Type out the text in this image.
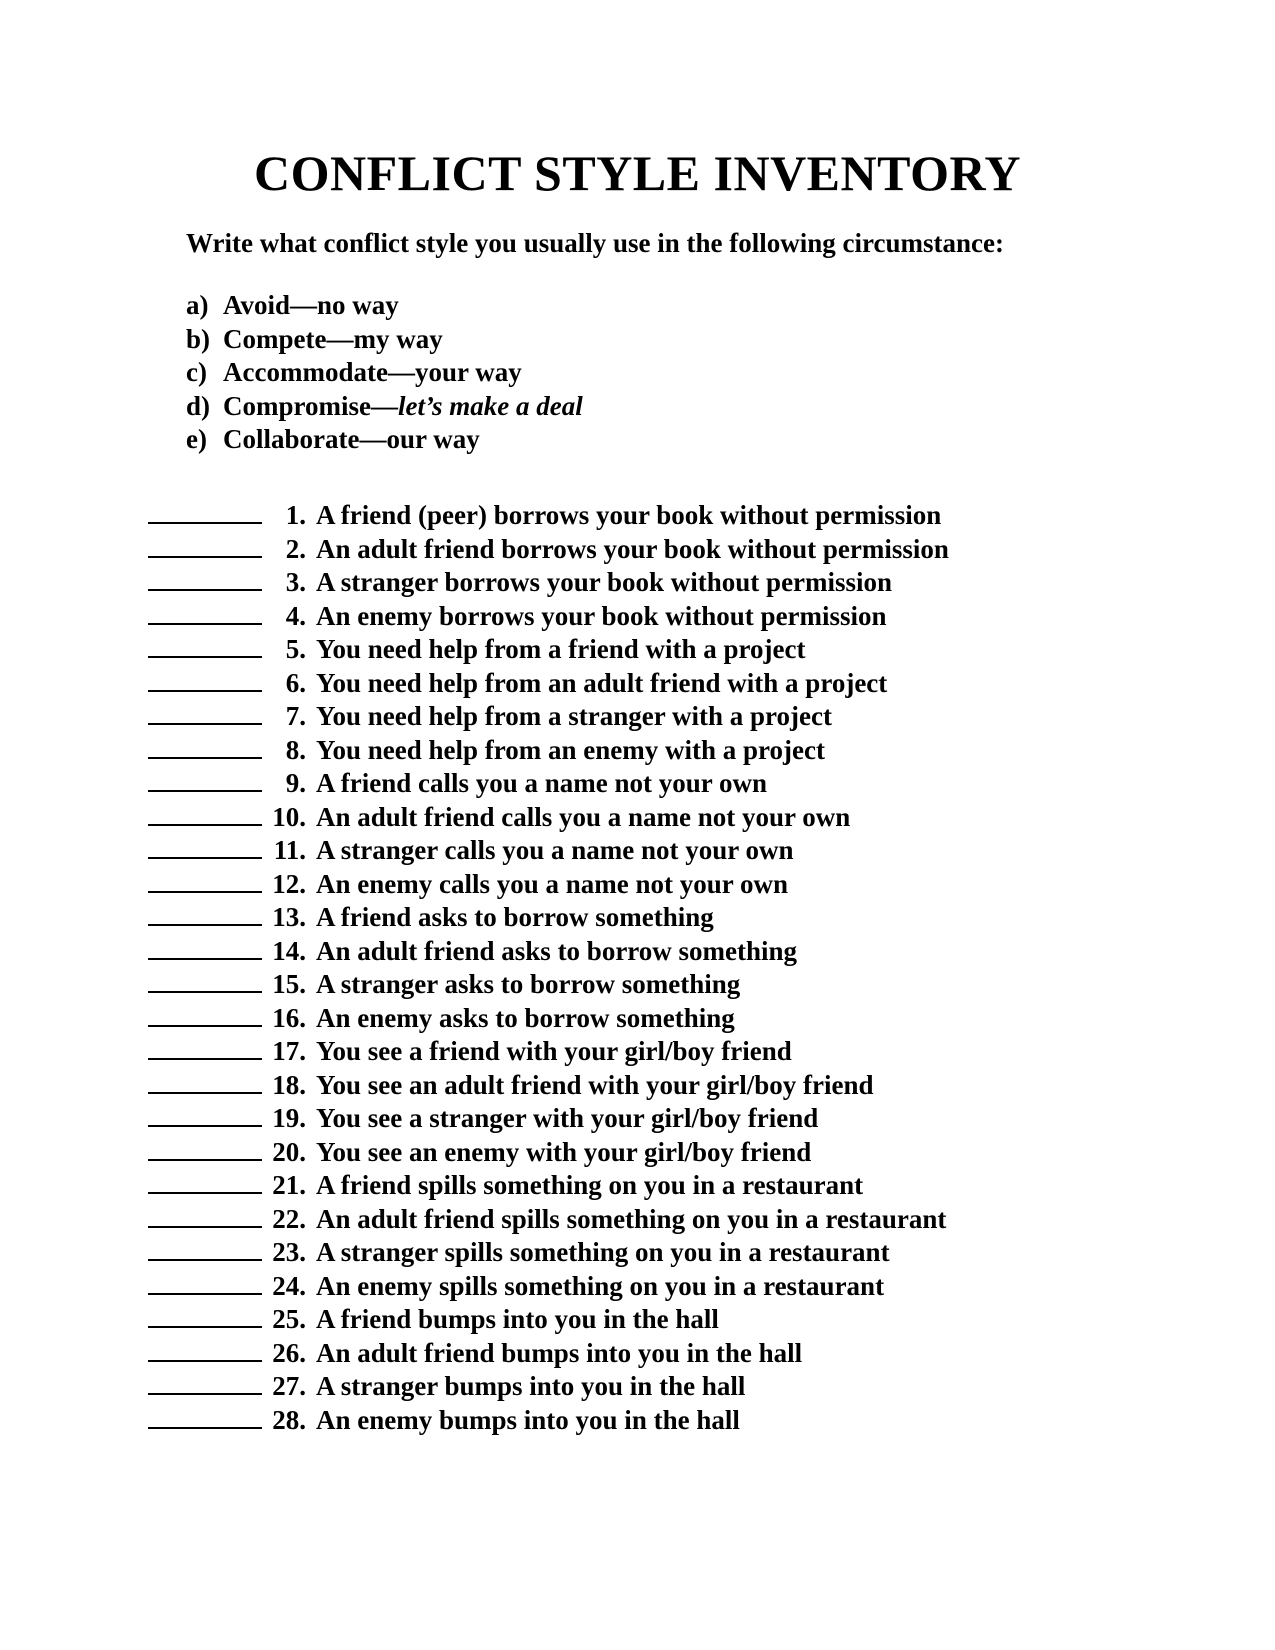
CONFLICT STYLE INVENTORY

Write what conflict style you usually use in the following circumstance:

a) Avoid—no way
b) Compete—my way
c) Accommodate—your way
d) Compromise—let’s make a deal
e) Collaborate—our way
1. A friend (peer) borrows your book without permission
2. An adult friend borrows your book without permission
3. A stranger borrows your book without permission
4. An enemy borrows your book without permission
5. You need help from a friend with a project
6. You need help from an adult friend with a project
7. You need help from a stranger with a project
8. You need help from an enemy with a project
9. A friend calls you a name not your own
10. An adult friend calls you a name not your own
11. A stranger calls you a name not your own
12. An enemy calls you a name not your own
13. A friend asks to borrow something
14. An adult friend asks to borrow something
15. A stranger asks to borrow something
16. An enemy asks to borrow something
17. You see a friend with your girl/boy friend
18. You see an adult friend with your girl/boy friend
19. You see a stranger with your girl/boy friend
20. You see an enemy with your girl/boy friend
21. A friend spills something on you in a restaurant
22. An adult friend spills something on you in a restaurant
23. A stranger spills something on you in a restaurant
24. An enemy spills something on you in a restaurant
25. A friend bumps into you in the hall
26. An adult friend bumps into you in the hall
27. A stranger bumps into you in the hall
28. An enemy bumps into you in the hall
